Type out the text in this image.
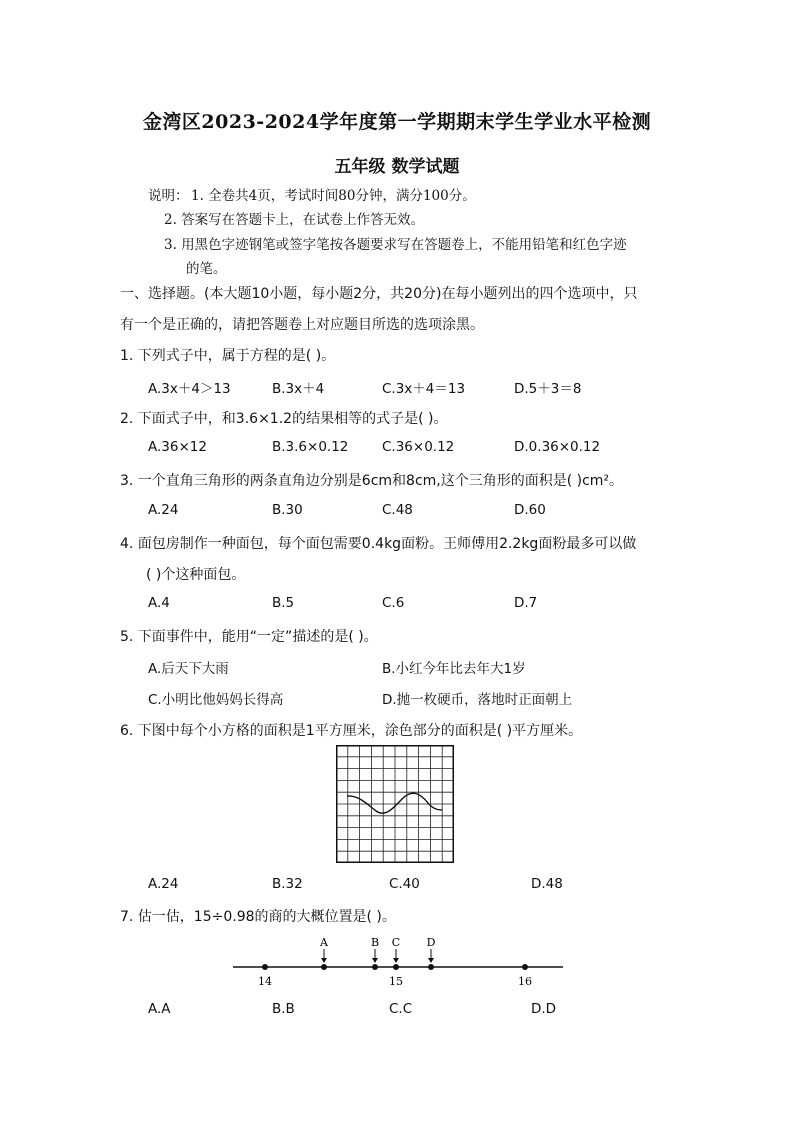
金湾区2023-2024学年度第一学期期末学生学业水平检测
五年级 数学试题
说明： 1. 全卷共4页，考试时间80分钟，满分100分。
2. 答案写在答题卡上，在试卷上作答无效。
3. 用黑色字迹钢笔或签字笔按各题要求写在答题卷上，不能用铅笔和红色字迹
的笔。
一、选择题。(本大题10小题，每小题2分，共20分)在每小题列出的四个选项中，只
有一个是正确的，请把答题卷上对应题目所选的选项涂黑。
1. 下列式子中，属于方程的是( )。
A.3x＋4＞13	B.3x＋4	C.3x＋4＝13	D.5＋3＝8
2. 下面式子中，和3.6×1.2的结果相等的式子是( )。
A.36×12	B.3.6×0.12 C.36×0.12	D.0.36×0.12
3. 一个直角三角形的两条直角边分别是6cm和8cm,这个三角形的面积是( )cm²。
A.24	B.30	C.48	D.60
4. 面包房制作一种面包，每个面包需要0.4kg面粉。王师傅用2.2kg面粉最多可以做
( )个这种面包。
A.4	B.5	C.6	D.7
5. 下面事件中，能用“一定”描述的是( )。
A.后天下大雨	B.小红今年比去年大1岁
C.小明比他妈妈长得高	D.抛一枚硬币，落地时正面朝上
6. 下图中每个小方格的面积是1平方厘米，涂色部分的面积是( )平方厘米。
A.24	B.32	C.40	D.48
7. 估一估，15÷0.98的商的大概位置是( )。
14	15	16
A	B C D
A.A	B.B	C.C	D.D
